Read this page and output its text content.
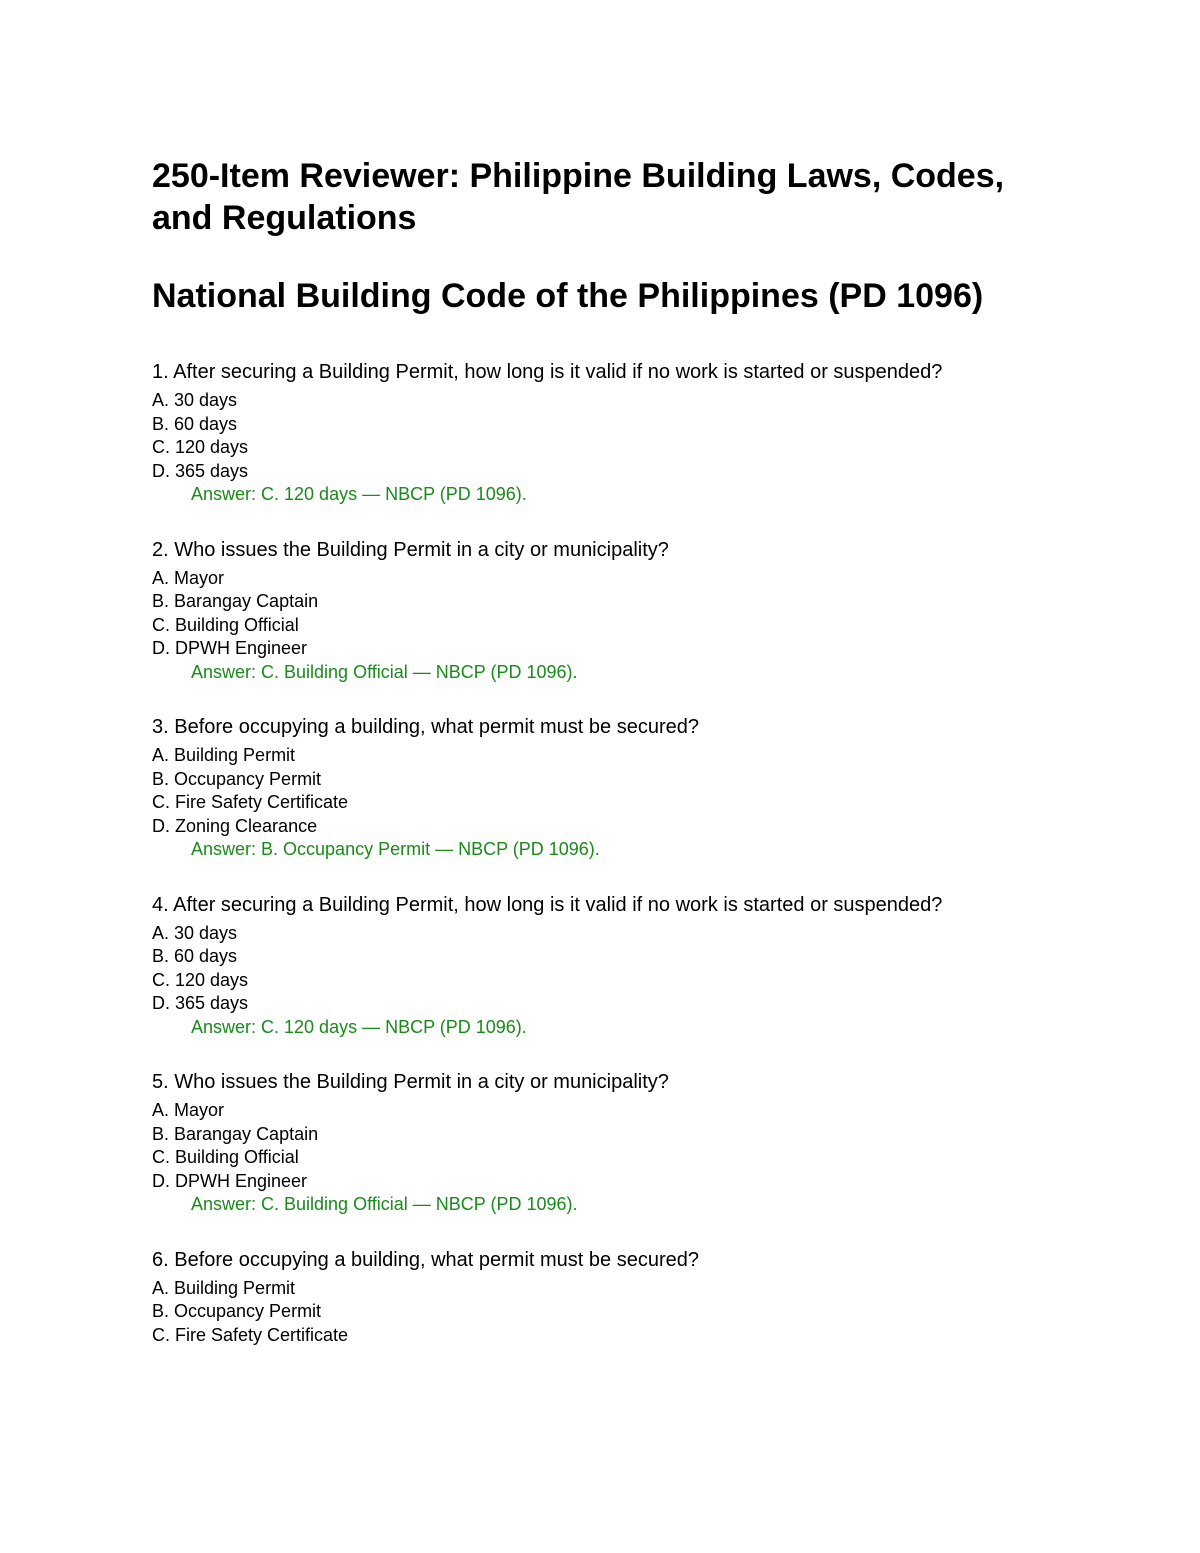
250-Item Reviewer: Philippine Building Laws, Codes, and Regulations
National Building Code of the Philippines (PD 1096)

1. After securing a Building Permit, how long is it valid if no work is started or suspended?

A. 30 days

B. 60 days

C. 120 days

D. 365 days

Answer: C. 120 days — NBCP (PD 1096).

2. Who issues the Building Permit in a city or municipality?

A. Mayor

B. Barangay Captain

C. Building Official

D. DPWH Engineer

Answer: C. Building Official — NBCP (PD 1096).

3. Before occupying a building, what permit must be secured?

A. Building Permit

B. Occupancy Permit

C. Fire Safety Certificate

D. Zoning Clearance

Answer: B. Occupancy Permit — NBCP (PD 1096).

4. After securing a Building Permit, how long is it valid if no work is started or suspended?

A. 30 days

B. 60 days

C. 120 days

D. 365 days

Answer: C. 120 days — NBCP (PD 1096).

5. Who issues the Building Permit in a city or municipality?

A. Mayor

B. Barangay Captain

C. Building Official

D. DPWH Engineer

Answer: C. Building Official — NBCP (PD 1096).

6. Before occupying a building, what permit must be secured?

A. Building Permit

B. Occupancy Permit

C. Fire Safety Certificate
